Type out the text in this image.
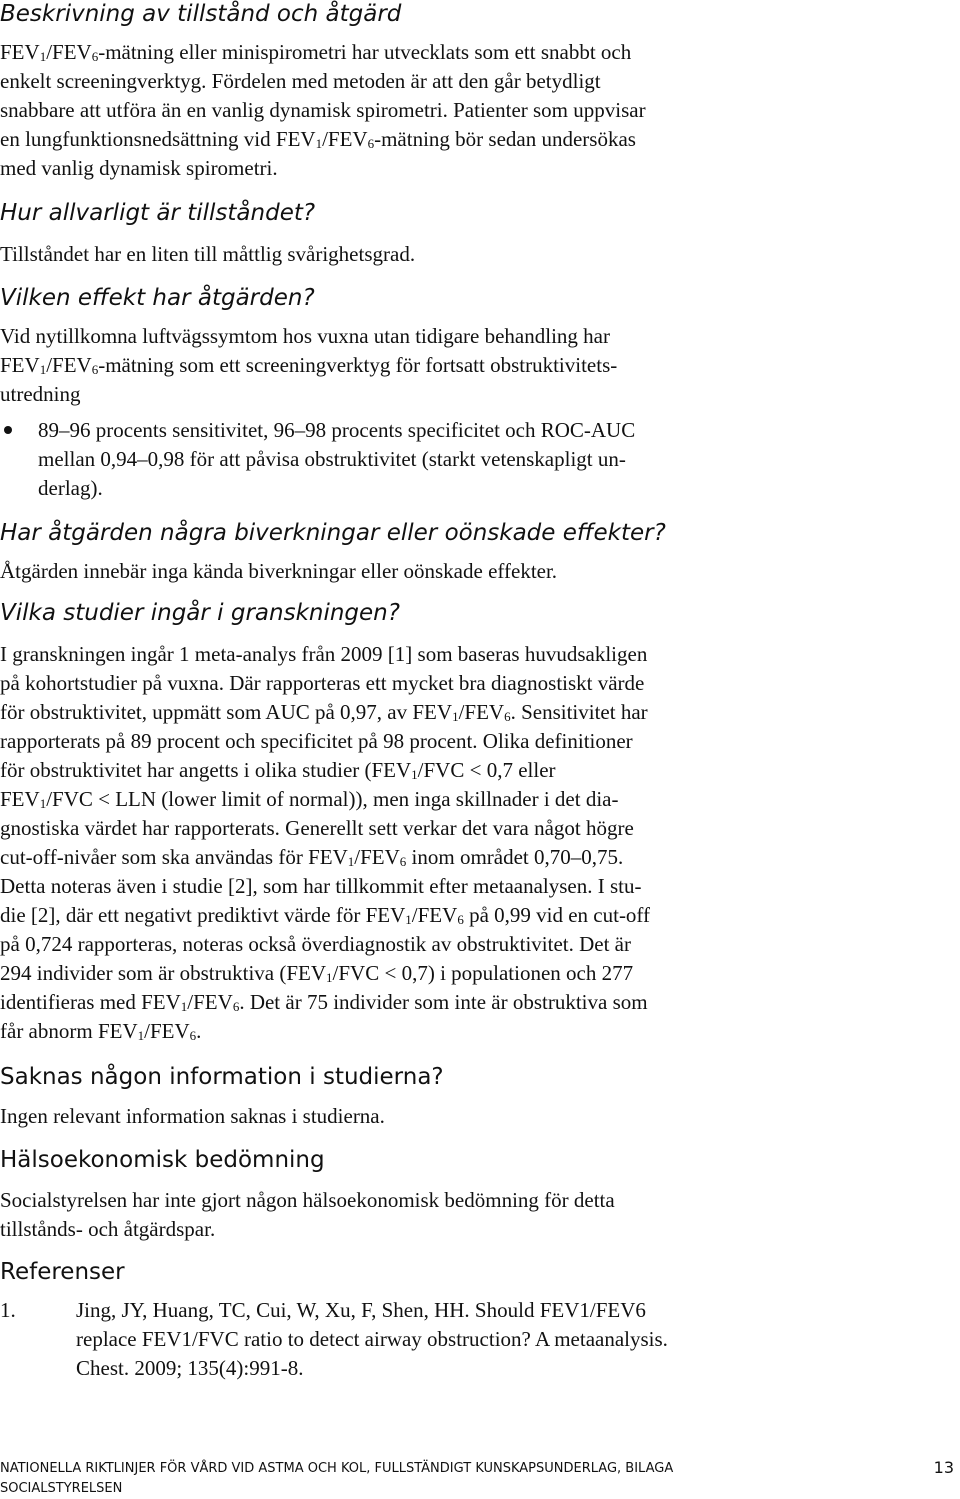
Beskrivning av tillstånd och åtgärd
$FEV_1/FEV_6$-mätning eller minispirometri har utvecklats som ett snabbt och
enkelt screeningverktyg. Fördelen med metoden är att den går betydligt
snabbare att utföra än en vanlig dynamisk spirometri. Patienter som uppvisar
en lungfunktionsnedsättning vid $FEV_1/FEV_6$-mätning bör sedan undersökas
med vanlig dynamisk spirometri.
Hur allvarligt är tillståndet?
Tillståndet har en liten till måttlig svårighetsgrad.
Vilken effekt har åtgärden?
Vid nytillkomna luftvägssymtom hos vuxna utan tidigare behandling har
$FEV_1/FEV_6$-mätning som ett screeningverktyg för fortsatt obstruktivitets-
utredning
89–96 procents sensitivitet, 96–98 procents specificitet och ROC-AUC
mellan 0,94–0,98 för att påvisa obstruktivitet (starkt vetenskapligt un-
derlag).
Har åtgärden några biverkningar eller oönskade effekter?
Åtgärden innebär inga kända biverkningar eller oönskade effekter.
Vilka studier ingår i granskningen?
I granskningen ingår 1 meta-analys från 2009 [1] som baseras huvudsakligen
på kohortstudier på vuxna. Där rapporteras ett mycket bra diagnostiskt värde
för obstruktivitet, uppmätt som AUC på 0,97, av $FEV_1/FEV_6$. Sensitivitet har
rapporterats på 89 procent och specificitet på 98 procent. Olika definitioner
för obstruktivitet har angetts i olika studier ($FEV_1$/FVC < 0,7 eller
$FEV_1$/FVC < LLN (lower limit of normal)), men inga skillnader i det dia-
gnostiska värdet har rapporterats. Generellt sett verkar det vara något högre
cut-off-nivåer som ska användas för $FEV_1/FEV_6$ inom området 0,70–0,75.
Detta noteras även i studie [2], som har tillkommit efter metaanalysen. I stu-
die [2], där ett negativt prediktivt värde för $FEV_1/FEV_6$ på 0,99 vid en cut-off
på 0,724 rapporteras, noteras också överdiagnostik av obstruktivitet. Det är
294 individer som är obstruktiva ($FEV_1$/FVC < 0,7) i populationen och 277
identifieras med $FEV_1/FEV_6$. Det är 75 individer som inte är obstruktiva som
får abnorm $FEV_1/FEV_6$.
Saknas någon information i studierna?
Ingen relevant information saknas i studierna.
Hälsoekonomisk bedömning
Socialstyrelsen har inte gjort någon hälsoekonomisk bedömning för detta
tillstånds- och åtgärdspar.
Referenser
1.	Jing, JY, Huang, TC, Cui, W, Xu, F, Shen, HH. Should FEV1/FEV6
replace FEV1/FVC ratio to detect airway obstruction? A metaanalysis.
Chest. 2009; 135(4):991-8.
NATIONELLA RIKTLINJER FÖR VÅRD VID ASTMA OCH KOL, FULLSTÄNDIGT KUNSKAPSUNDERLAG, BILAGA
SOCIALSTYRELSEN
13
